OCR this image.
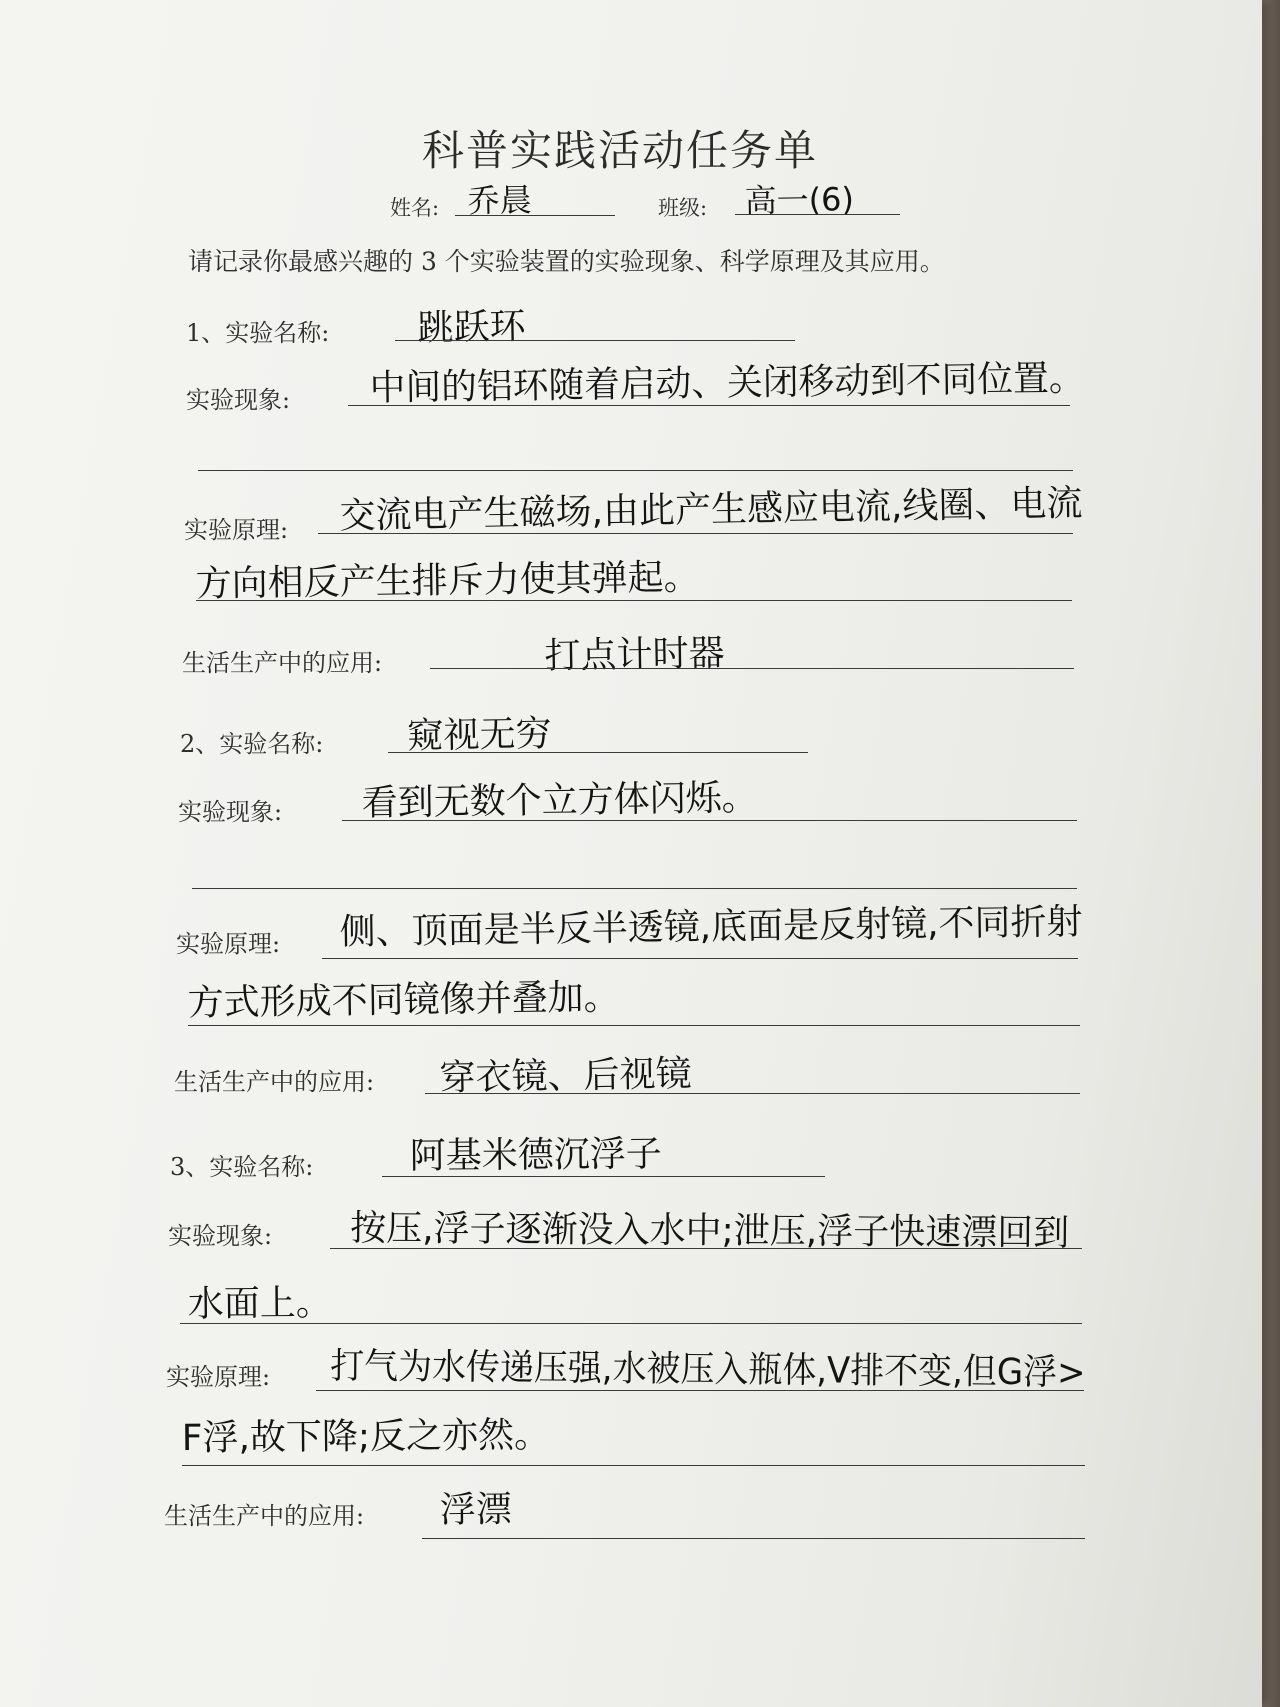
科普实践活动任务单
姓名: 乔晨	班级: 高一(6)
请记录你最感兴趣的 3 个实验装置的实验现象、科学原理及其应用。
1、实验名称: 跳跃环
实验现象: 中间的铝环随着启动、关闭移动到不同位置。
实验原理: 交流电产生磁场,由此产生感应电流,线圈、电流
方向相反产生排斥力使其弹起。
生活生产中的应用:	打点计时器
2、实验名称: 窥视无穷
实验现象: 看到无数个立方体闪烁。
实验原理: 侧、顶面是半反半透镜,底面是反射镜,不同折射
方式形成不同镜像并叠加。
生活生产中的应用: 穿衣镜、后视镜
3、实验名称:	阿基米德沉浮子
实验现象: 按压,浮子逐渐没入水中;泄压,浮子快速漂回到
水面上。
实验原理: 打气为水传递压强,水被压入瓶体,V排不变,但G浮>
F浮,故下降;反之亦然。
生活生产中的应用: 浮漂
